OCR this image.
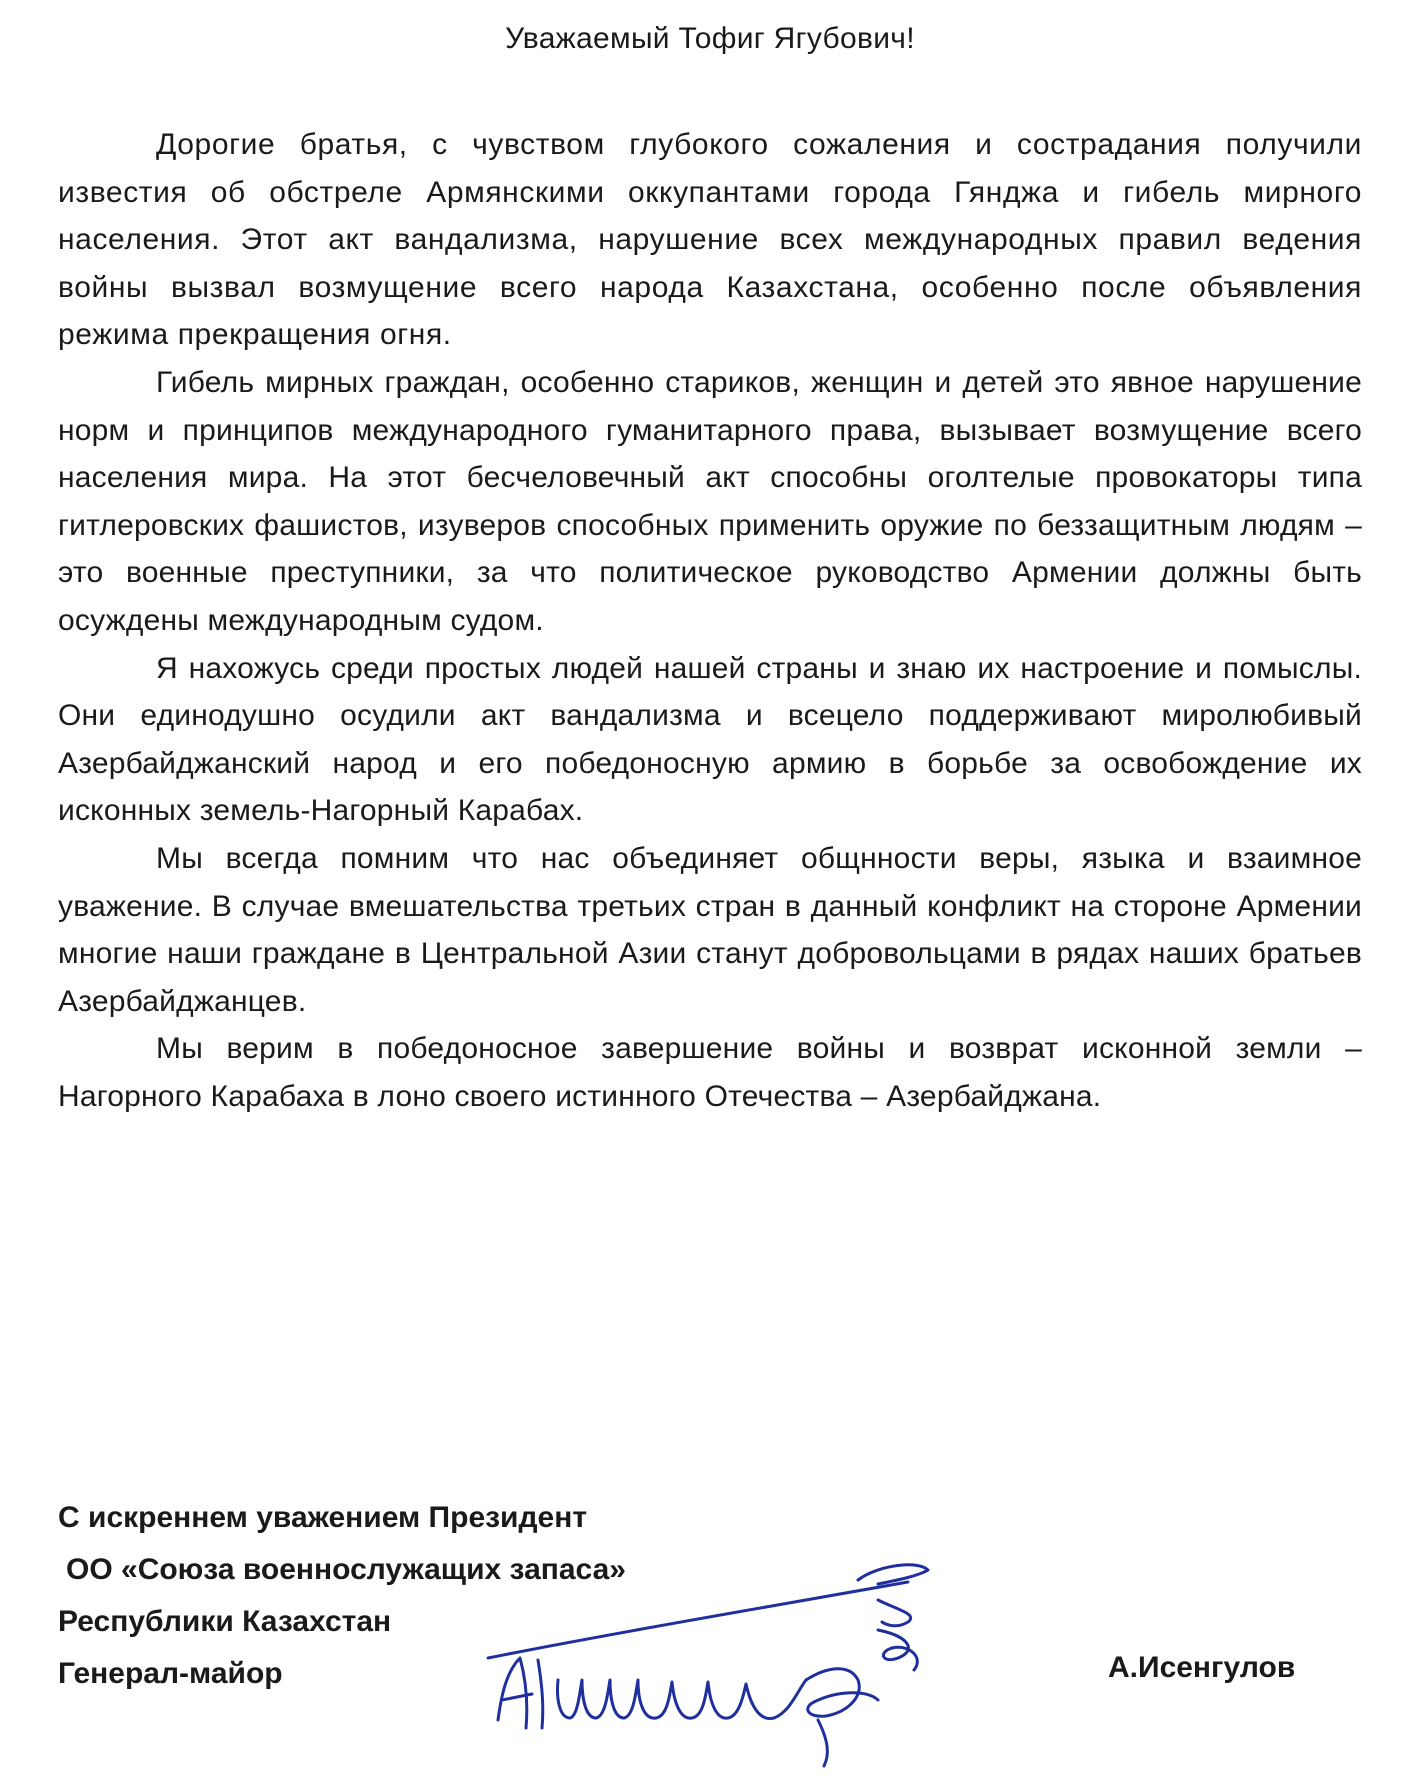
Уважаемый Тофиг Ягубович!

Дорогие братья, с чувством глубокого сожаления и сострадания получили известия об обстреле Армянскими оккупантами города Гянджа и гибель мирного населения. Этот акт вандализма, нарушение всех международных правил ведения войны вызвал возмущение всего народа Казахстана, особенно после объявления режима прекращения огня.

Гибель мирных граждан, особенно стариков, женщин и детей это явное нарушение норм и принципов международного гуманитарного права, вызывает возмущение всего населения мира. На этот бесчеловечный акт способны оголтелые провокаторы типа гитлеровских фашистов, изуверов способных применить оружие по беззащитным людям – это военные преступники, за что политическое руководство Армении должны быть осуждены международным судом.

Я нахожусь среди простых людей нашей страны и знаю их настроение и помыслы. Они единодушно осудили акт вандализма и всецело поддерживают миролюбивый Азербайджанский народ и его победоносную армию в борьбе за освобождение их исконных земель-Нагорный Карабах.

Мы всегда помним что нас объединяет общнности веры, языка и взаимное уважение. В случае вмешательства третьих стран в данный конфликт на стороне Армении многие наши граждане в Центральной Азии станут добровольцами в рядах наших братьев Азербайджанцев.

Мы верим в победоносное завершение войны и возврат исконной земли – Нагорного Карабаха в лоно своего истинного Отечества – Азербайджана.

С искреннем уважением Президент
ОО «Союза военнослужащих запаса»
Республики Казахстан
Генерал-майор	А.Исенгулов
